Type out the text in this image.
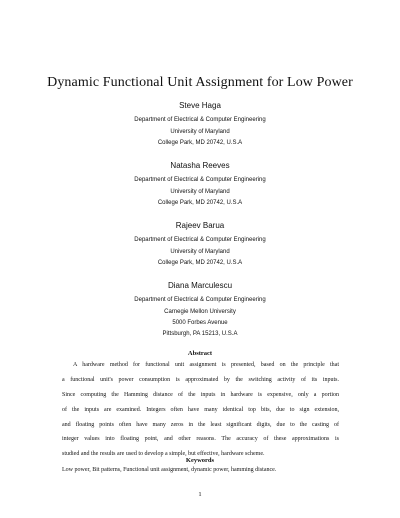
Dynamic Functional Unit Assignment for Low Power
Steve Haga
Department of Electrical & Computer Engineering
University of Maryland
College Park, MD 20742, U.S.A
Natasha Reeves
Department of Electrical & Computer Engineering
University of Maryland
College Park, MD 20742, U.S.A
Rajeev Barua
Department of Electrical & Computer Engineering
University of Maryland
College Park, MD 20742, U.S.A
Diana Marculescu
Department of Electrical & Computer Engineering
Carnegie Mellon University
5000 Forbes Avenue
Pittsburgh, PA 15213, U.S.A
Abstract
A hardware method for functional unit assignment is presented, based on the principle that
a functional unit's power consumption is approximated by the switching activity of its inputs.
Since computing the Hamming distance of the inputs in hardware is expensive, only a portion
of the inputs are examined. Integers often have many identical top bits, due to sign extension,
and floating points often have many zeros in the least significant digits, due to the casting of
integer values into floating point, and other reasons. The accuracy of these approximations is
studied and the results are used to develop a simple, but effective, hardware scheme.
Keywords
Low power, Bit patterns, Functional unit assignment, dynamic power, hamming distance.
1
